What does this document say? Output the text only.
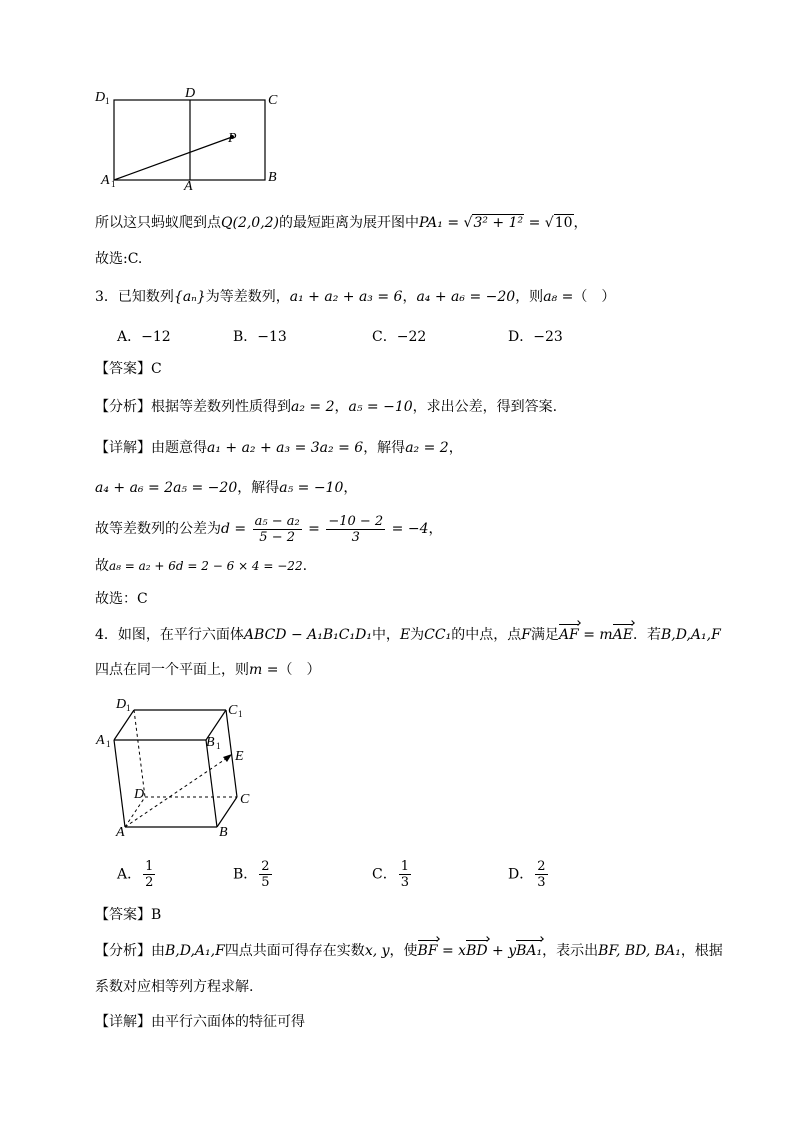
D 1	D	C
P
A 1	A
B
所以这只蚂蚁爬到点Q(2,0,2)的最短距离为展开图中PA₁ = √3² + 1² = √10，
故选:C.
3．已知数列{aₙ}为等差数列，a₁ + a₂ + a₃ = 6，a₄ + a₆ = −20，则a₈ =（　）
A．−12	B．−13	C．−22	D．−23
【答案】C
【分析】根据等差数列性质得到a₂ = 2，a₅ = −10，求出公差，得到答案.
【详解】由题意得a₁ + a₂ + a₃ = 3a₂ = 6，解得a₂ = 2，
a₄ + a₆ = 2a₅ = −20，解得a₅ = −10，
故等差数列的公差为$d = \frac{\text{a₅ − a₂}}{5 - 2} = \frac{-10 - 2}{3} = -4$，
故a₈ = a₂ + 6d = 2 − 6 × 4 = −22.
故选：C
4．如图，在平行六面体ABCD − A₁B₁C₁D₁中，E为CC₁的中点，点F满足AF = mAE．若B,D,A₁,F
四点在同一个平面上，则m =（　）
D 1	C 1
A 1	B 1
E
D	C
A	B
A． $\frac{1}{2}$	B． $\frac{2}{5}$	C． $\frac{1}{3}$	D． $\frac{2}{3}$
【答案】B
【分析】由B,D,A₁,F四点共面可得存在实数x, y，使BF = xBD + yBA₁，表示出BF, BD, BA₁，根据
系数对应相等列方程求解.
【详解】由平行六面体的特征可得
